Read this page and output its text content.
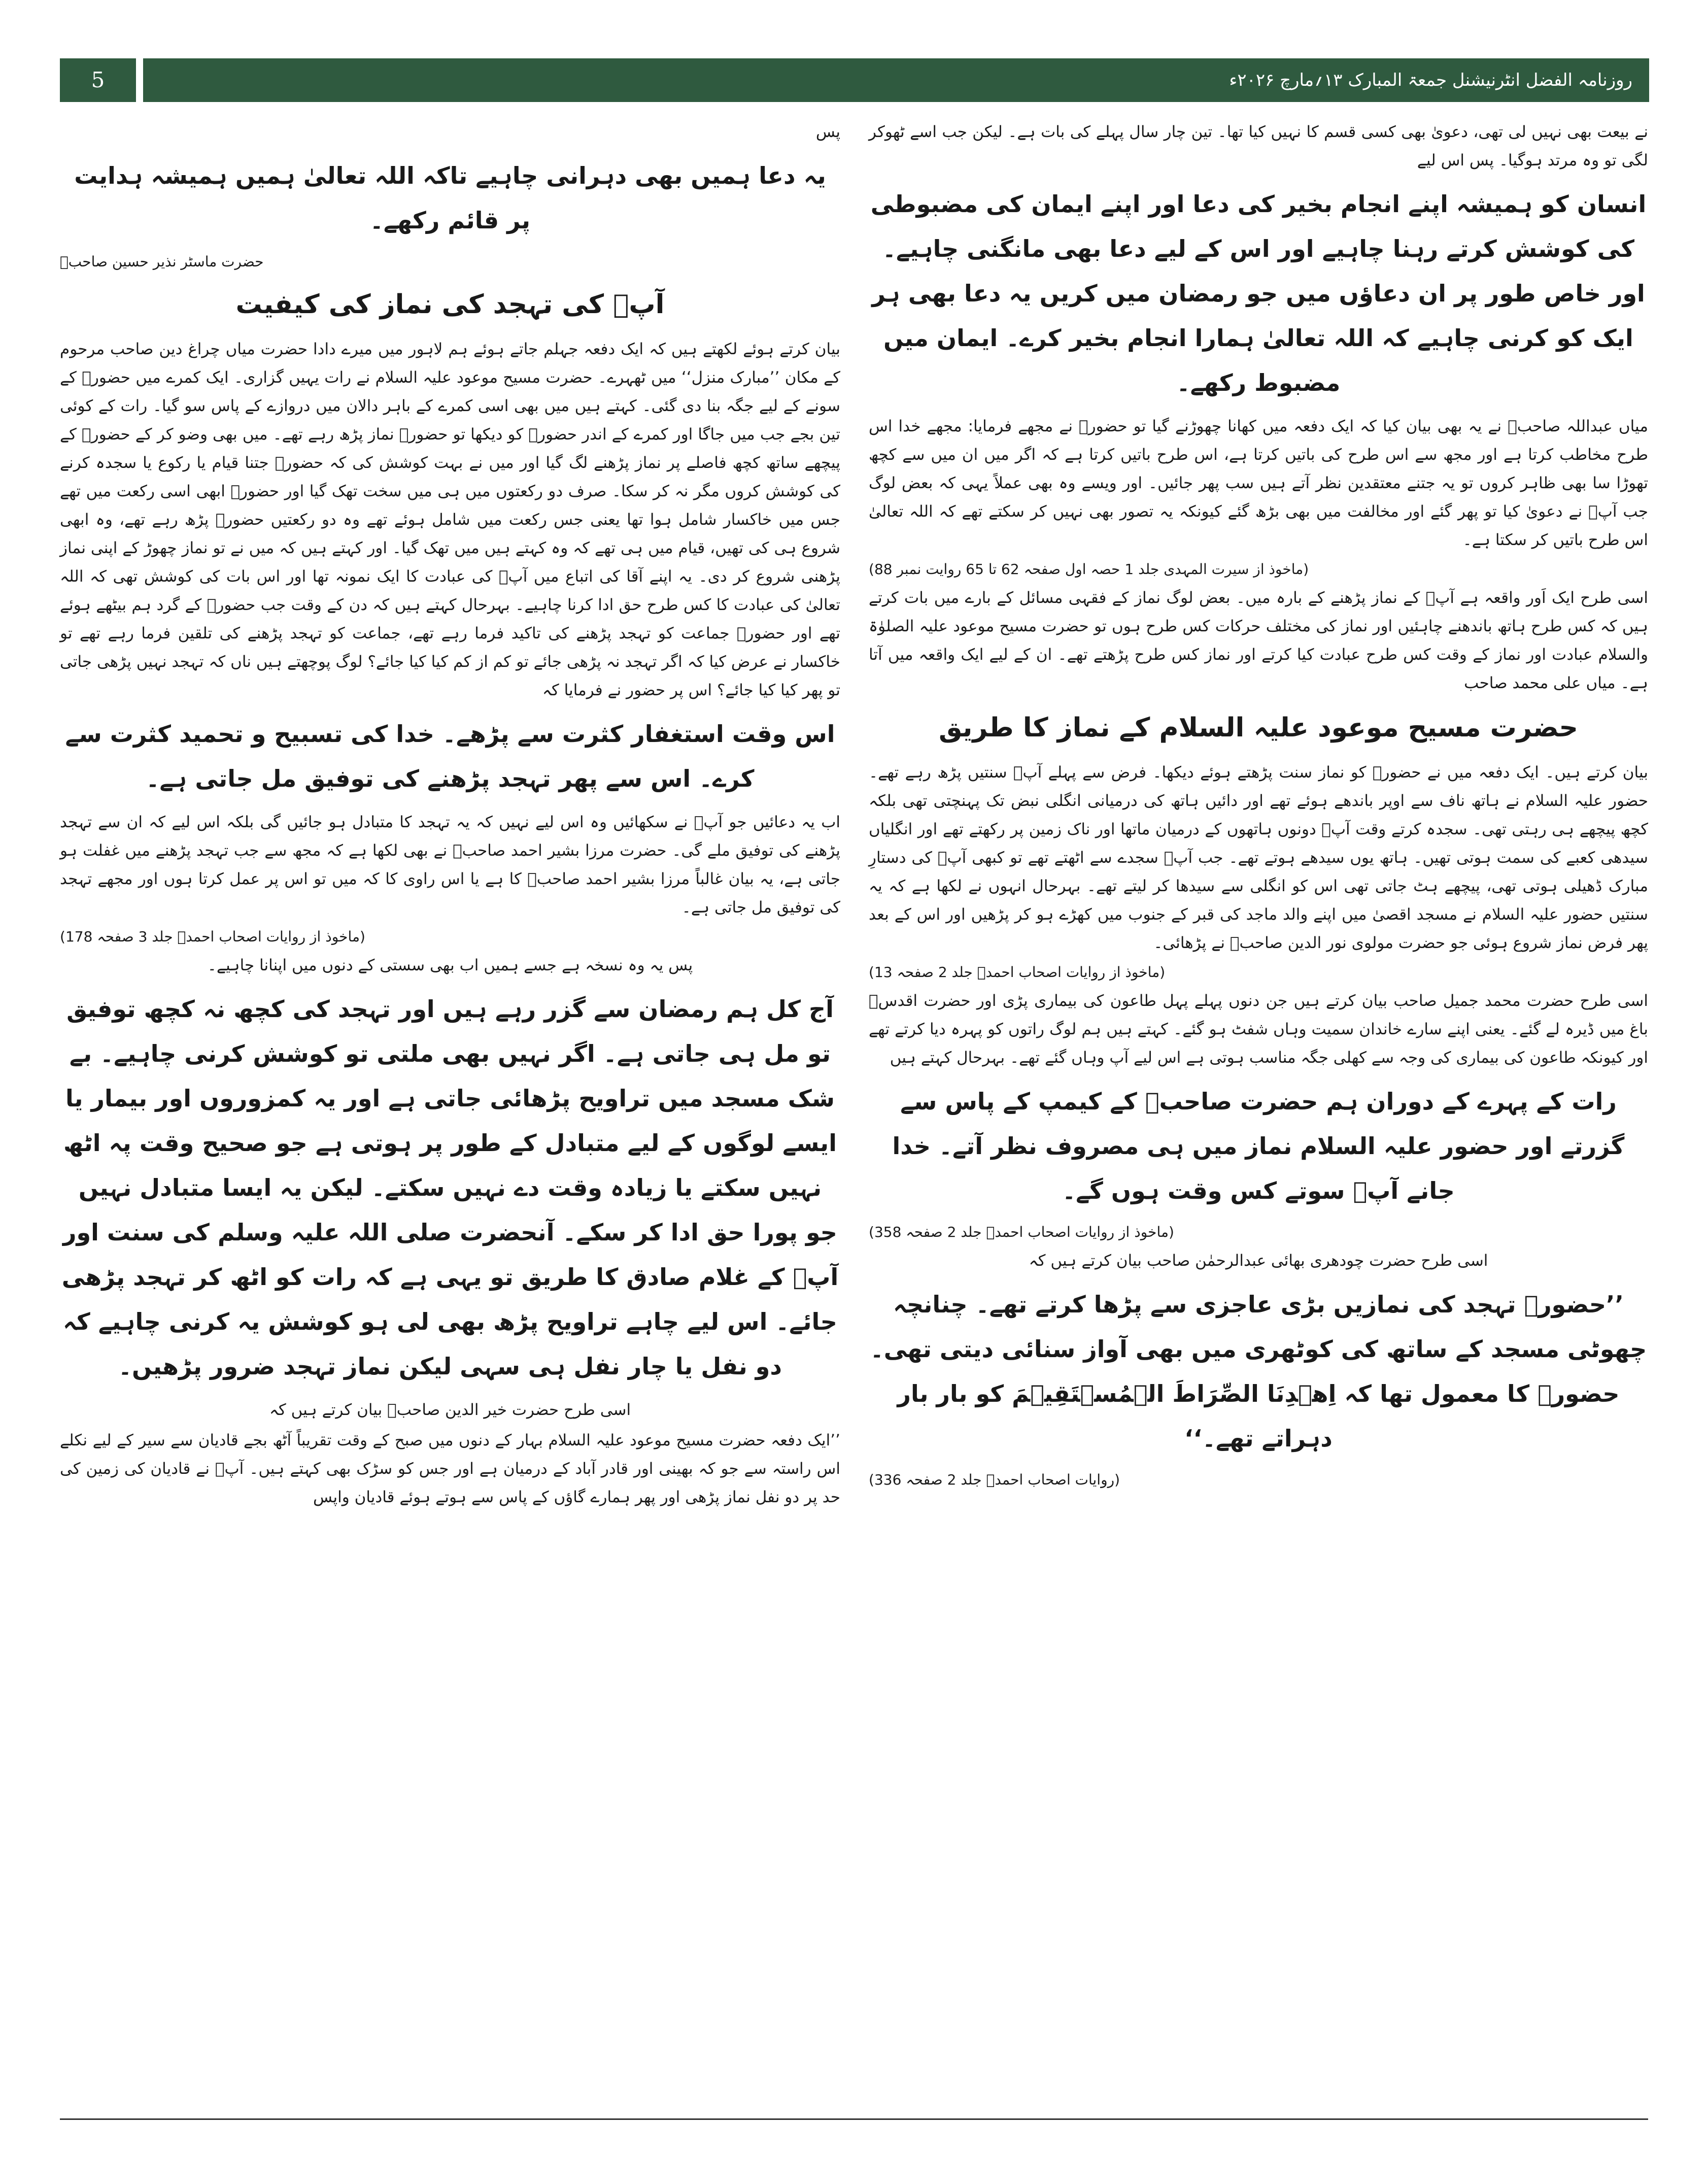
5	روزنامہ الفضل انٹرنیشنل جمعۃ المبارک ۱۳؍مارچ ۲۰۲۶ء

نے بیعت بھی نہیں لی تھی، دعویٰ بھی کسی قسم کا نہیں کیا تھا۔ تین چار سال پہلے کی بات ہے۔ لیکن جب اسے ٹھوکر لگی تو وہ مرتد ہوگیا۔ پس اس لیے

انسان کو ہمیشہ اپنے انجام بخیر کی دعا اور اپنے ایمان کی مضبوطی کی کوشش کرتے رہنا چاہیے اور اس کے لیے دعا بھی مانگنی چاہیے۔ اور خاص طور پر ان دعاؤں میں جو رمضان میں کریں یہ دعا بھی ہر ایک کو کرنی چاہیے کہ اللہ تعالیٰ ہمارا انجام بخیر کرے۔ ایمان میں مضبوط رکھے۔

میاں عبداللہ صاحبؓ نے یہ بھی بیان کیا کہ ایک دفعہ میں کھانا چھوڑنے گیا تو حضورؑ نے مجھے فرمایا: مجھے خدا اس طرح مخاطب کرتا ہے اور مجھ سے اس طرح کی باتیں کرتا ہے، اس طرح باتیں کرتا ہے کہ اگر میں ان میں سے کچھ تھوڑا سا بھی ظاہر کروں تو یہ جتنے معتقدین نظر آتے ہیں سب پھر جائیں۔ اور ویسے وہ بھی عملاً یہی کہ بعض لوگ جب آپؑ نے دعویٰ کیا تو پھر گئے اور مخالفت میں بھی بڑھ گئے کیونکہ یہ تصور بھی نہیں کر سکتے تھے کہ اللہ تعالیٰ اس طرح باتیں کر سکتا ہے۔

(ماخوذ از سیرت المہدی جلد 1 حصہ اول صفحہ 62 تا 65 روایت نمبر 88)

اسی طرح ایک اَور واقعہ ہے آپؑ کے نماز پڑھنے کے بارہ میں۔ بعض لوگ نماز کے فقہی مسائل کے بارے میں بات کرتے ہیں کہ کس طرح ہاتھ باندھنے چاہئیں اور نماز کی مختلف حرکات کس طرح ہوں تو حضرت مسیح موعود علیہ الصلوٰۃ والسلام عبادت اور نماز کے وقت کس طرح عبادت کیا کرتے اور نماز کس طرح پڑھتے تھے۔ ان کے لیے ایک واقعہ میں آتا ہے۔ میاں علی محمد صاحب

حضرت مسیح موعود علیہ السلام کے نماز کا طریق

بیان کرتے ہیں۔ ایک دفعہ میں نے حضورؑ کو نماز سنت پڑھتے ہوئے دیکھا۔ فرض سے پہلے آپؑ سنتیں پڑھ رہے تھے۔ حضور علیہ السلام نے ہاتھ ناف سے اوپر باندھے ہوئے تھے اور دائیں ہاتھ کی درمیانی انگلی نبض تک پہنچتی تھی بلکہ کچھ پیچھے ہی رہتی تھی۔ سجدہ کرتے وقت آپؑ دونوں ہاتھوں کے درمیان ماتھا اور ناک زمین پر رکھتے تھے اور انگلیاں سیدھی کعبے کی سمت ہوتی تھیں۔ ہاتھ یوں سیدھے ہوتے تھے۔ جب آپؑ سجدے سے اٹھتے تھے تو کبھی آپؑ کی دستارِ مبارک ڈھیلی ہوتی تھی، پیچھے ہٹ جاتی تھی اس کو انگلی سے سیدھا کر لیتے تھے۔ بہرحال انہوں نے لکھا ہے کہ یہ سنتیں حضور علیہ السلام نے مسجد اقصیٰ میں اپنے والد ماجد کی قبر کے جنوب میں کھڑے ہو کر پڑھیں اور اس کے بعد پھر فرض نماز شروع ہوئی جو حضرت مولوی نور الدین صاحبؓ نے پڑھائی۔

(ماخوذ از روایات اصحاب احمدؑ جلد 2 صفحہ 13)

اسی طرح حضرت محمد جمیل صاحب بیان کرتے ہیں جن دنوں پہلے پہل طاعون کی بیماری پڑی اور حضرت اقدسؑ باغ میں ڈیرہ لے گئے۔ یعنی اپنے سارے خاندان سمیت وہاں شفٹ ہو گئے۔ کہتے ہیں ہم لوگ راتوں کو پہرہ دیا کرتے تھے اور کیونکہ طاعون کی بیماری کی وجہ سے کھلی جگہ مناسب ہوتی ہے اس لیے آپ وہاں گئے تھے۔ بہرحال کہتے ہیں

رات کے پہرے کے دوران ہم حضرت صاحبؑ کے کیمپ کے پاس سے گزرتے اور حضور علیہ السلام نماز میں ہی مصروف نظر آتے۔ خدا جانے آپؑ سوتے کس وقت ہوں گے۔

(ماخوذ از روایات اصحاب احمدؑ جلد 2 صفحہ 358)

اسی طرح حضرت چودھری بھائی عبدالرحمٰن صاحب بیان کرتے ہیں کہ

’’حضورؑ تہجد کی نمازیں بڑی عاجزی سے پڑھا کرتے تھے۔ چنانچہ چھوٹی مسجد کے ساتھ کی کوٹھری میں بھی آواز سنائی دیتی تھی۔ حضورؑ کا معمول تھا کہ اِهۡدِنَا الصِّرَاطَ الۡمُسۡتَقِيۡمَ کو بار بار دہراتے تھے۔‘‘

(روایات اصحاب احمدؑ جلد 2 صفحہ 336)

پس

یہ دعا ہمیں بھی دہرانی چاہیے تاکہ اللہ تعالیٰ ہمیں ہمیشہ ہدایت پر قائم رکھے۔

حضرت ماسٹر نذیر حسین صاحبؓ

آپؑ کی تہجد کی نماز کی کیفیت

بیان کرتے ہوئے لکھتے ہیں کہ ایک دفعہ جہلم جاتے ہوئے ہم لاہور میں میرے دادا حضرت میاں چراغ دین صاحب مرحوم کے مکان ’’مبارک منزل‘‘ میں ٹھہرے۔ حضرت مسیح موعود علیہ السلام نے رات یہیں گزاری۔ ایک کمرے میں حضورؑ کے سونے کے لیے جگہ بنا دی گئی۔ کہتے ہیں میں بھی اسی کمرے کے باہر دالان میں دروازے کے پاس سو گیا۔ رات کے کوئی تین بجے جب میں جاگا اور کمرے کے اندر حضورؑ کو دیکھا تو حضورؑ نماز پڑھ رہے تھے۔ میں بھی وضو کر کے حضورؑ کے پیچھے ساتھ کچھ فاصلے پر نماز پڑھنے لگ گیا اور میں نے بہت کوشش کی کہ حضورؑ جتنا قیام یا رکوع یا سجدہ کرنے کی کوشش کروں مگر نہ کر سکا۔ صرف دو رکعتوں میں ہی میں سخت تھک گیا اور حضورؑ ابھی اسی رکعت میں تھے جس میں خاکسار شامل ہوا تھا یعنی جس رکعت میں شامل ہوئے تھے وہ دو رکعتیں حضورؑ پڑھ رہے تھے، وہ ابھی شروع ہی کی تھیں، قیام میں ہی تھے کہ وہ کہتے ہیں میں تھک گیا۔ اور کہتے ہیں کہ میں نے تو نماز چھوڑ کے اپنی نماز پڑھنی شروع کر دی۔ یہ اپنے آقا کی اتباع میں آپؑ کی عبادت کا ایک نمونہ تھا اور اس بات کی کوشش تھی کہ اللہ تعالیٰ کی عبادت کا کس طرح حق ادا کرنا چاہیے۔ بہرحال کہتے ہیں کہ دن کے وقت جب حضورؑ کے گرد ہم بیٹھے ہوئے تھے اور حضورؑ جماعت کو تہجد پڑھنے کی تاکید فرما رہے تھے، جماعت کو تہجد پڑھنے کی تلقین فرما رہے تھے تو خاکسار نے عرض کیا کہ اگر تہجد نہ پڑھی جائے تو کم از کم کیا کیا جائے؟ لوگ پوچھتے ہیں ناں کہ تہجد نہیں پڑھی جاتی تو پھر کیا کیا جائے؟ اس پر حضور نے فرمایا کہ

اس وقت استغفار کثرت سے پڑھے۔ خدا کی تسبیح و تحمید کثرت سے کرے۔ اس سے پھر تہجد پڑھنے کی توفیق مل جاتی ہے۔

اب یہ دعائیں جو آپؑ نے سکھائیں وہ اس لیے نہیں کہ یہ تہجد کا متبادل ہو جائیں گی بلکہ اس لیے کہ ان سے تہجد پڑھنے کی توفیق ملے گی۔ حضرت مرزا بشیر احمد صاحبؓ نے بھی لکھا ہے کہ مجھ سے جب تہجد پڑھنے میں غفلت ہو جاتی ہے، یہ بیان غالباً مرزا بشیر احمد صاحبؓ کا ہے یا اس راوی کا کہ میں تو اس پر عمل کرتا ہوں اور مجھے تہجد کی توفیق مل جاتی ہے۔

(ماخوذ از روایات اصحاب احمدؑ جلد 3 صفحہ 178)

پس یہ وہ نسخہ ہے جسے ہمیں اب بھی سستی کے دنوں میں اپنانا چاہیے۔

آج کل ہم رمضان سے گزر رہے ہیں اور تہجد کی کچھ نہ کچھ توفیق تو مل ہی جاتی ہے۔ اگر نہیں بھی ملتی تو کوشش کرنی چاہیے۔ بے شک مسجد میں تراویح پڑھائی جاتی ہے اور یہ کمزوروں اور بیمار یا ایسے لوگوں کے لیے متبادل کے طور پر ہوتی ہے جو صحیح وقت پہ اٹھ نہیں سکتے یا زیادہ وقت دے نہیں سکتے۔ لیکن یہ ایسا متبادل نہیں جو پورا حق ادا کر سکے۔ آنحضرت صلی اللہ علیہ وسلم کی سنت اور آپؑ کے غلام صادق کا طریق تو یہی ہے کہ رات کو اٹھ کر تہجد پڑھی جائے۔ اس لیے چاہے تراویح پڑھ بھی لی ہو کوشش یہ کرنی چاہیے کہ دو نفل یا چار نفل ہی سہی لیکن نماز تہجد ضرور پڑھیں۔

اسی طرح حضرت خیر الدین صاحبؓ بیان کرتے ہیں کہ

’’ایک دفعہ حضرت مسیح موعود علیہ السلام بہار کے دنوں میں صبح کے وقت تقریباً آٹھ بجے قادیان سے سیر کے لیے نکلے اس راستہ سے جو کہ بھینی اور قادر آباد کے درمیان ہے اور جس کو سڑک بھی کہتے ہیں۔ آپؑ نے قادیان کی زمین کی حد پر دو نفل نماز پڑھی اور پھر ہمارے گاؤں کے پاس سے ہوتے ہوئے قادیان واپس
